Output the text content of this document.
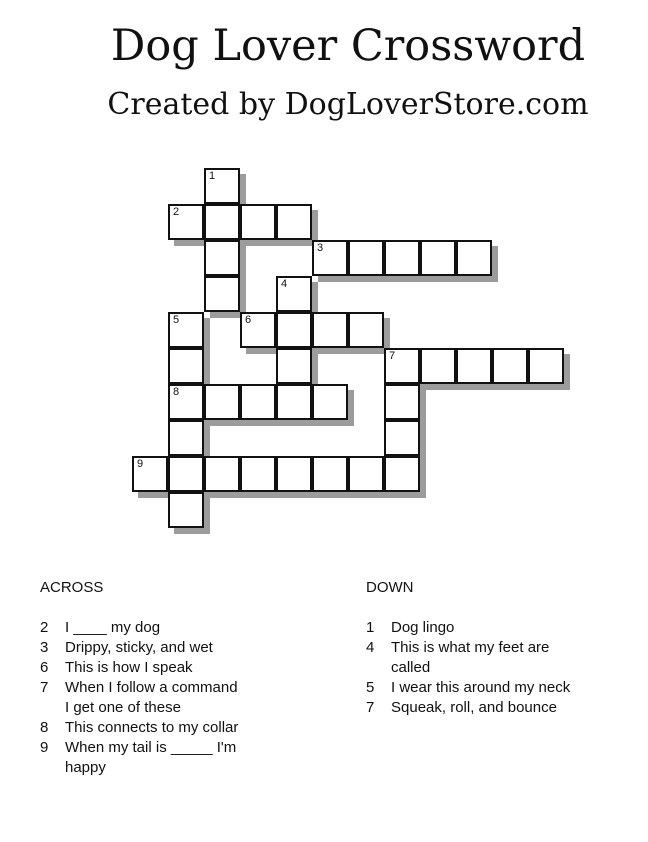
Dog Lover Crossword
Created by DogLoverStore.com
1
2
3
4
5
8
6
7
9
ACROSS
2	I ____ my dog
3	Drippy, sticky, and wet
6	This is how I speak
7	When I follow a command I get one of these
8	This connects to my collar
9	When my tail is _____ I'm happy
DOWN
1	Dog lingo
4	This is what my feet are called
5	I wear this around my neck
7	Squeak, roll, and bounce
